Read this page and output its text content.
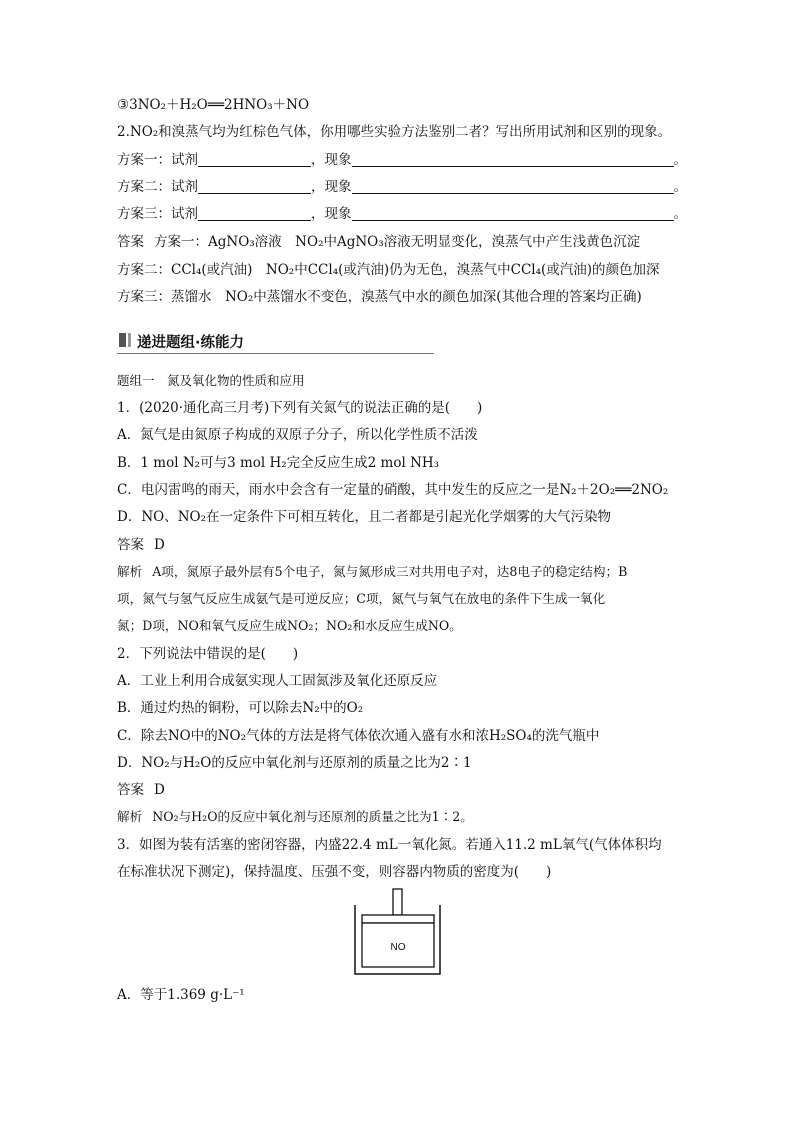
③3NO₂＋H₂O══2HNO₃＋NO
2.NO₂和溴蒸气均为红棕色气体，你用哪些实验方法鉴别二者？写出所用试剂和区别的现象。
方案一：试剂	，现象	。
方案二：试剂	，现象	。
方案三：试剂	，现象	。
答案 方案一：AgNO₃溶液　NO₂中AgNO₃溶液无明显变化，溴蒸气中产生浅黄色沉淀
方案二：CCl₄(或汽油)　NO₂中CCl₄(或汽油)仍为无色，溴蒸气中CCl₄(或汽油)的颜色加深
方案三：蒸馏水　NO₂中蒸馏水不变色，溴蒸气中水的颜色加深(其他合理的答案均正确)
递进题组·练能力
题组一　氮及氧化物的性质和应用
1．(2020·通化高三月考)下列有关氮气的说法正确的是(　　)
A．氮气是由氮原子构成的双原子分子，所以化学性质不活泼
B．1 mol N₂可与3 mol H₂完全反应生成2 mol NH₃
C．电闪雷鸣的雨天，雨水中会含有一定量的硝酸，其中发生的反应之一是N₂＋2O₂══2NO₂
D．NO、NO₂在一定条件下可相互转化，且二者都是引起光化学烟雾的大气污染物
答案 D
解析 A项，氮原子最外层有5个电子，氮与氮形成三对共用电子对，达8电子的稳定结构；B
项，氮气与氢气反应生成氨气是可逆反应；C项，氮气与氧气在放电的条件下生成一氧化
氮；D项，NO和氧气反应生成NO₂；NO₂和水反应生成NO。
2．下列说法中错误的是(　　)
A．工业上利用合成氨实现人工固氮涉及氧化还原反应
B．通过灼热的铜粉，可以除去N₂中的O₂
C．除去NO中的NO₂气体的方法是将气体依次通入盛有水和浓H₂SO₄的洗气瓶中
D．NO₂与H₂O的反应中氧化剂与还原剂的质量之比为2∶1
答案 D
解析 NO₂与H₂O的反应中氧化剂与还原剂的质量之比为1∶2。
3．如图为装有活塞的密闭容器，内盛22.4 mL一氧化氮。若通入11.2 mL氧气(气体体积均
在标准状况下测定)，保持温度、压强不变，则容器内物质的密度为(　　)
NO
A．等于1.369 g·L⁻¹
